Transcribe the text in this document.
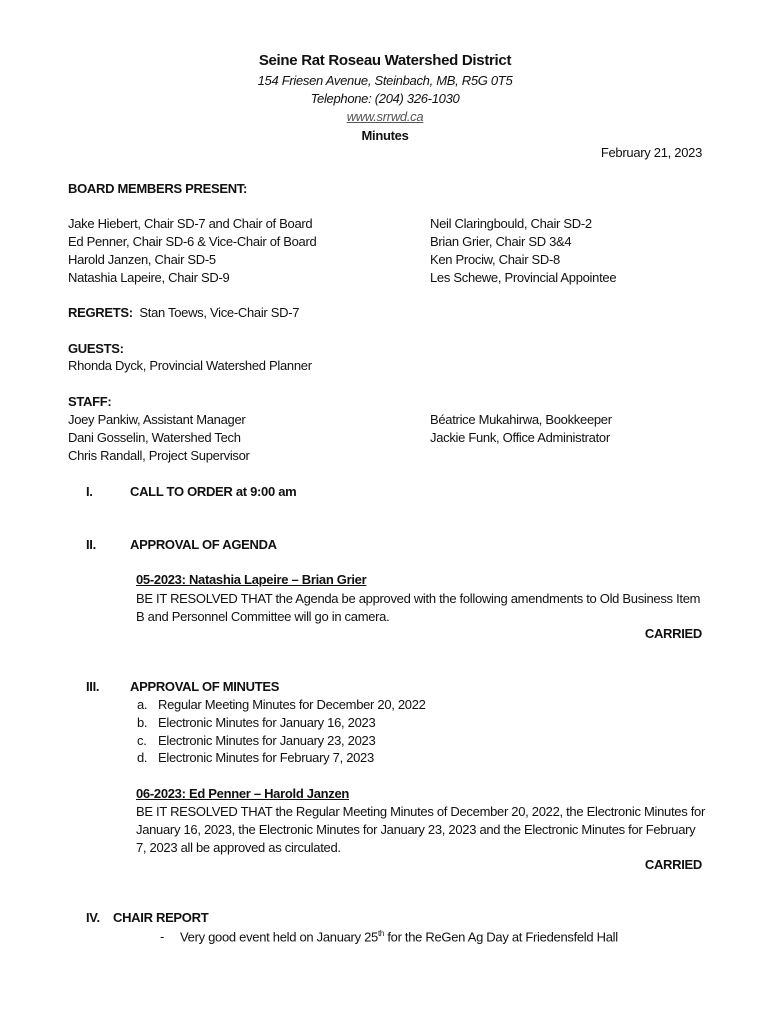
Seine Rat Roseau Watershed District
154 Friesen Avenue, Steinbach, MB, R5G 0T5
Telephone: (204) 326-1030
www.srrwd.ca
Minutes
February 21, 2023
BOARD MEMBERS PRESENT:
Jake Hiebert, Chair SD-7 and Chair of Board
Ed Penner, Chair SD-6 & Vice-Chair of Board
Harold Janzen, Chair SD-5
Natashia Lapeire, Chair SD-9
Neil Claringbould, Chair SD-2
Brian Grier, Chair SD 3&4
Ken Prociw, Chair SD-8
Les Schewe, Provincial Appointee
REGRETS: Stan Toews, Vice-Chair SD-7
GUESTS:
Rhonda Dyck, Provincial Watershed Planner
STAFF:
Joey Pankiw, Assistant Manager
Dani Gosselin, Watershed Tech
Chris Randall, Project Supervisor
Béatrice Mukahirwa, Bookkeeper
Jackie Funk, Office Administrator
I.	CALL TO ORDER at 9:00 am
II.	APPROVAL OF AGENDA
05-2023: Natashia Lapeire – Brian Grier
BE IT RESOLVED THAT the Agenda be approved with the following amendments to Old Business Item B and Personnel Committee will go in camera.
CARRIED
III. APPROVAL OF MINUTES
a. Regular Meeting Minutes for December 20, 2022
b. Electronic Minutes for January 16, 2023
c. Electronic Minutes for January 23, 2023
d. Electronic Minutes for February 7, 2023
06-2023: Ed Penner – Harold Janzen
BE IT RESOLVED THAT the Regular Meeting Minutes of December 20, 2022, the Electronic Minutes for January 16, 2023, the Electronic Minutes for January 23, 2023 and the Electronic Minutes for February 7, 2023 all be approved as circulated.
CARRIED
IV. CHAIR REPORT
- Very good event held on January 25th for the ReGen Ag Day at Friedensfeld Hall
